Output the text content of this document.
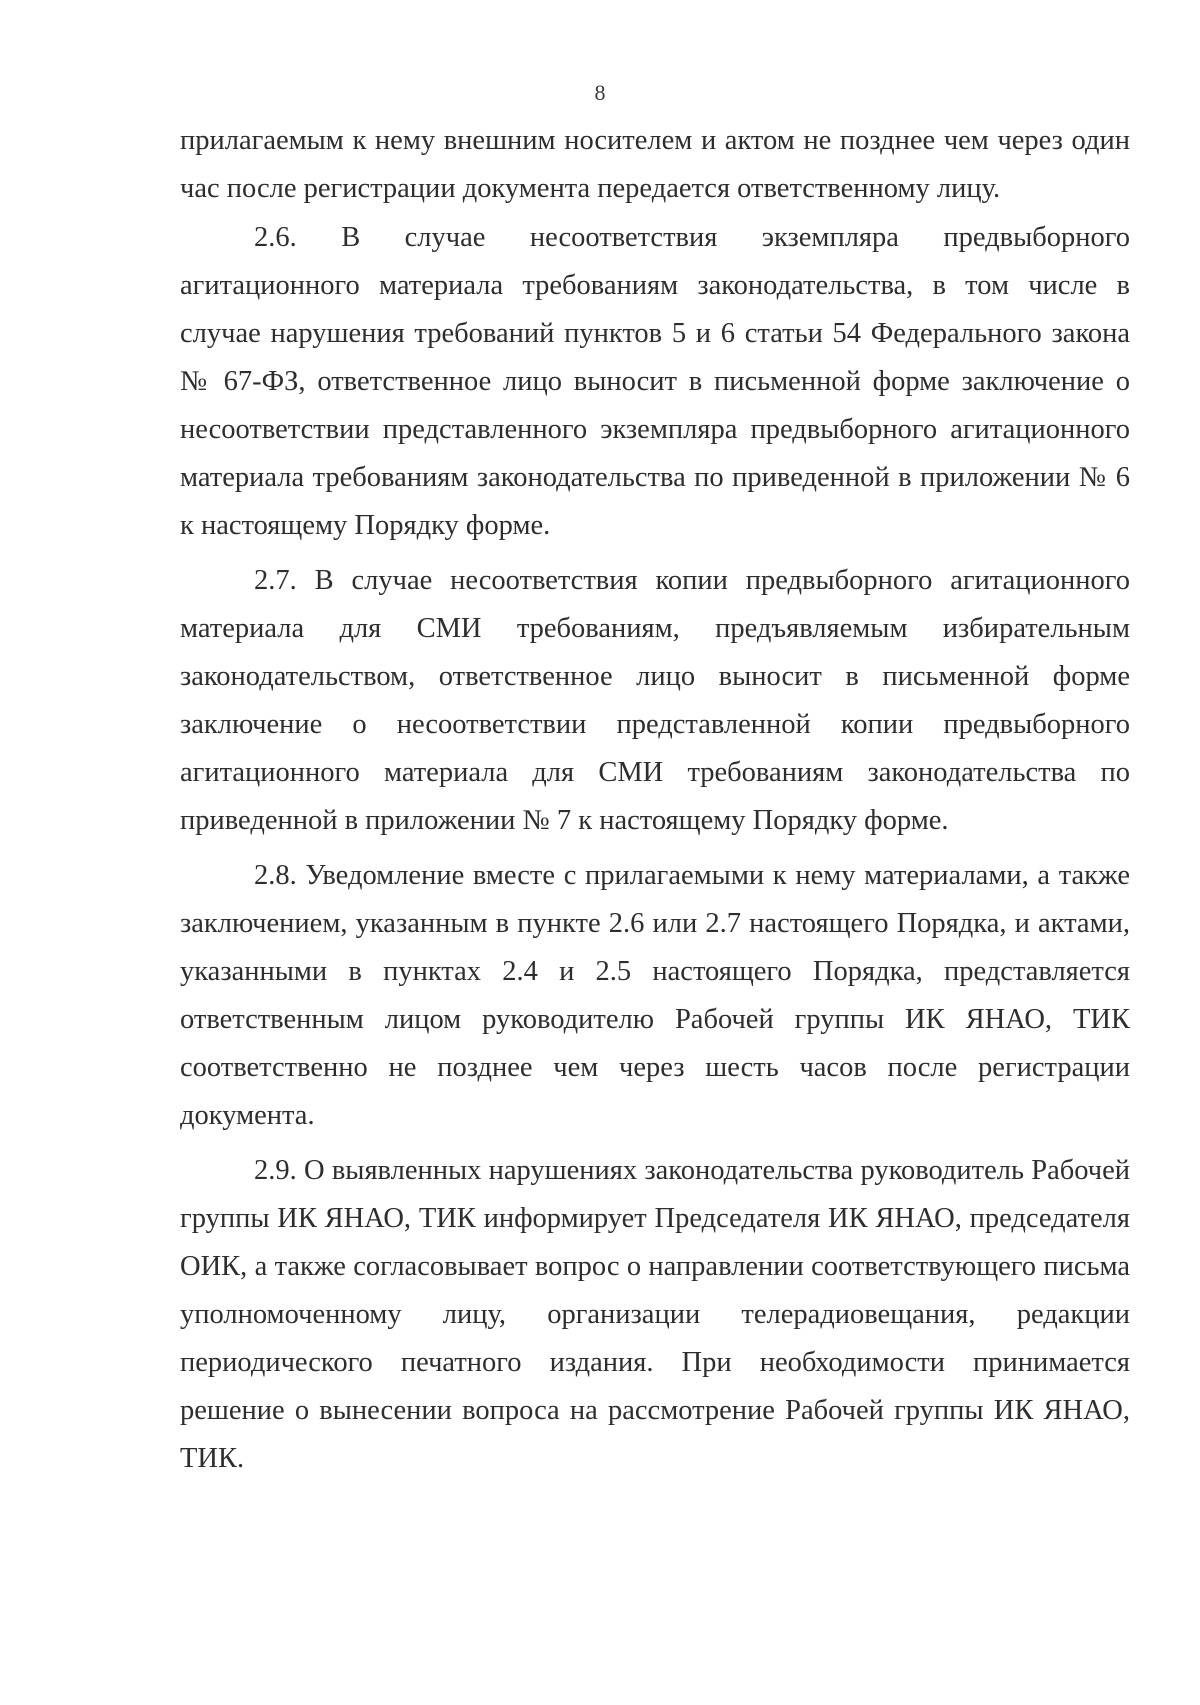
8

прилагаемым к нему внешним носителем и актом не позднее чем через один час после регистрации документа передается ответственному лицу.

2.6. В случае несоответствия экземпляра предвыборного агитационного материала требованиям законодательства, в том числе в случае нарушения требований пунктов 5 и 6 статьи 54 Федерального закона № 67-ФЗ, ответственное лицо выносит в письменной форме заключение о несоответствии представленного экземпляра предвыборного агитационного материала требованиям законодательства по приведенной в приложении № 6 к настоящему Порядку форме.

2.7. В случае несоответствия копии предвыборного агитационного материала для СМИ требованиям, предъявляемым избирательным законодательством, ответственное лицо выносит в письменной форме заключение о несоответствии представленной копии предвыборного агитационного материала для СМИ требованиям законодательства по приведенной в приложении № 7 к настоящему Порядку форме.

2.8. Уведомление вместе с прилагаемыми к нему материалами, а также заключением, указанным в пункте 2.6 или 2.7 настоящего Порядка, и актами, указанными в пунктах 2.4 и 2.5 настоящего Порядка, представляется ответственным лицом руководителю Рабочей группы ИК ЯНАО, ТИК соответственно не позднее чем через шесть часов после регистрации документа.

2.9. О выявленных нарушениях законодательства руководитель Рабочей группы ИК ЯНАО, ТИК информирует Председателя ИК ЯНАО, председателя ОИК, а также согласовывает вопрос о направлении соответствующего письма уполномоченному лицу, организации телерадиовещания, редакции периодического печатного издания. При необходимости принимается решение о вынесении вопроса на рассмотрение Рабочей группы ИК ЯНАО, ТИК.
